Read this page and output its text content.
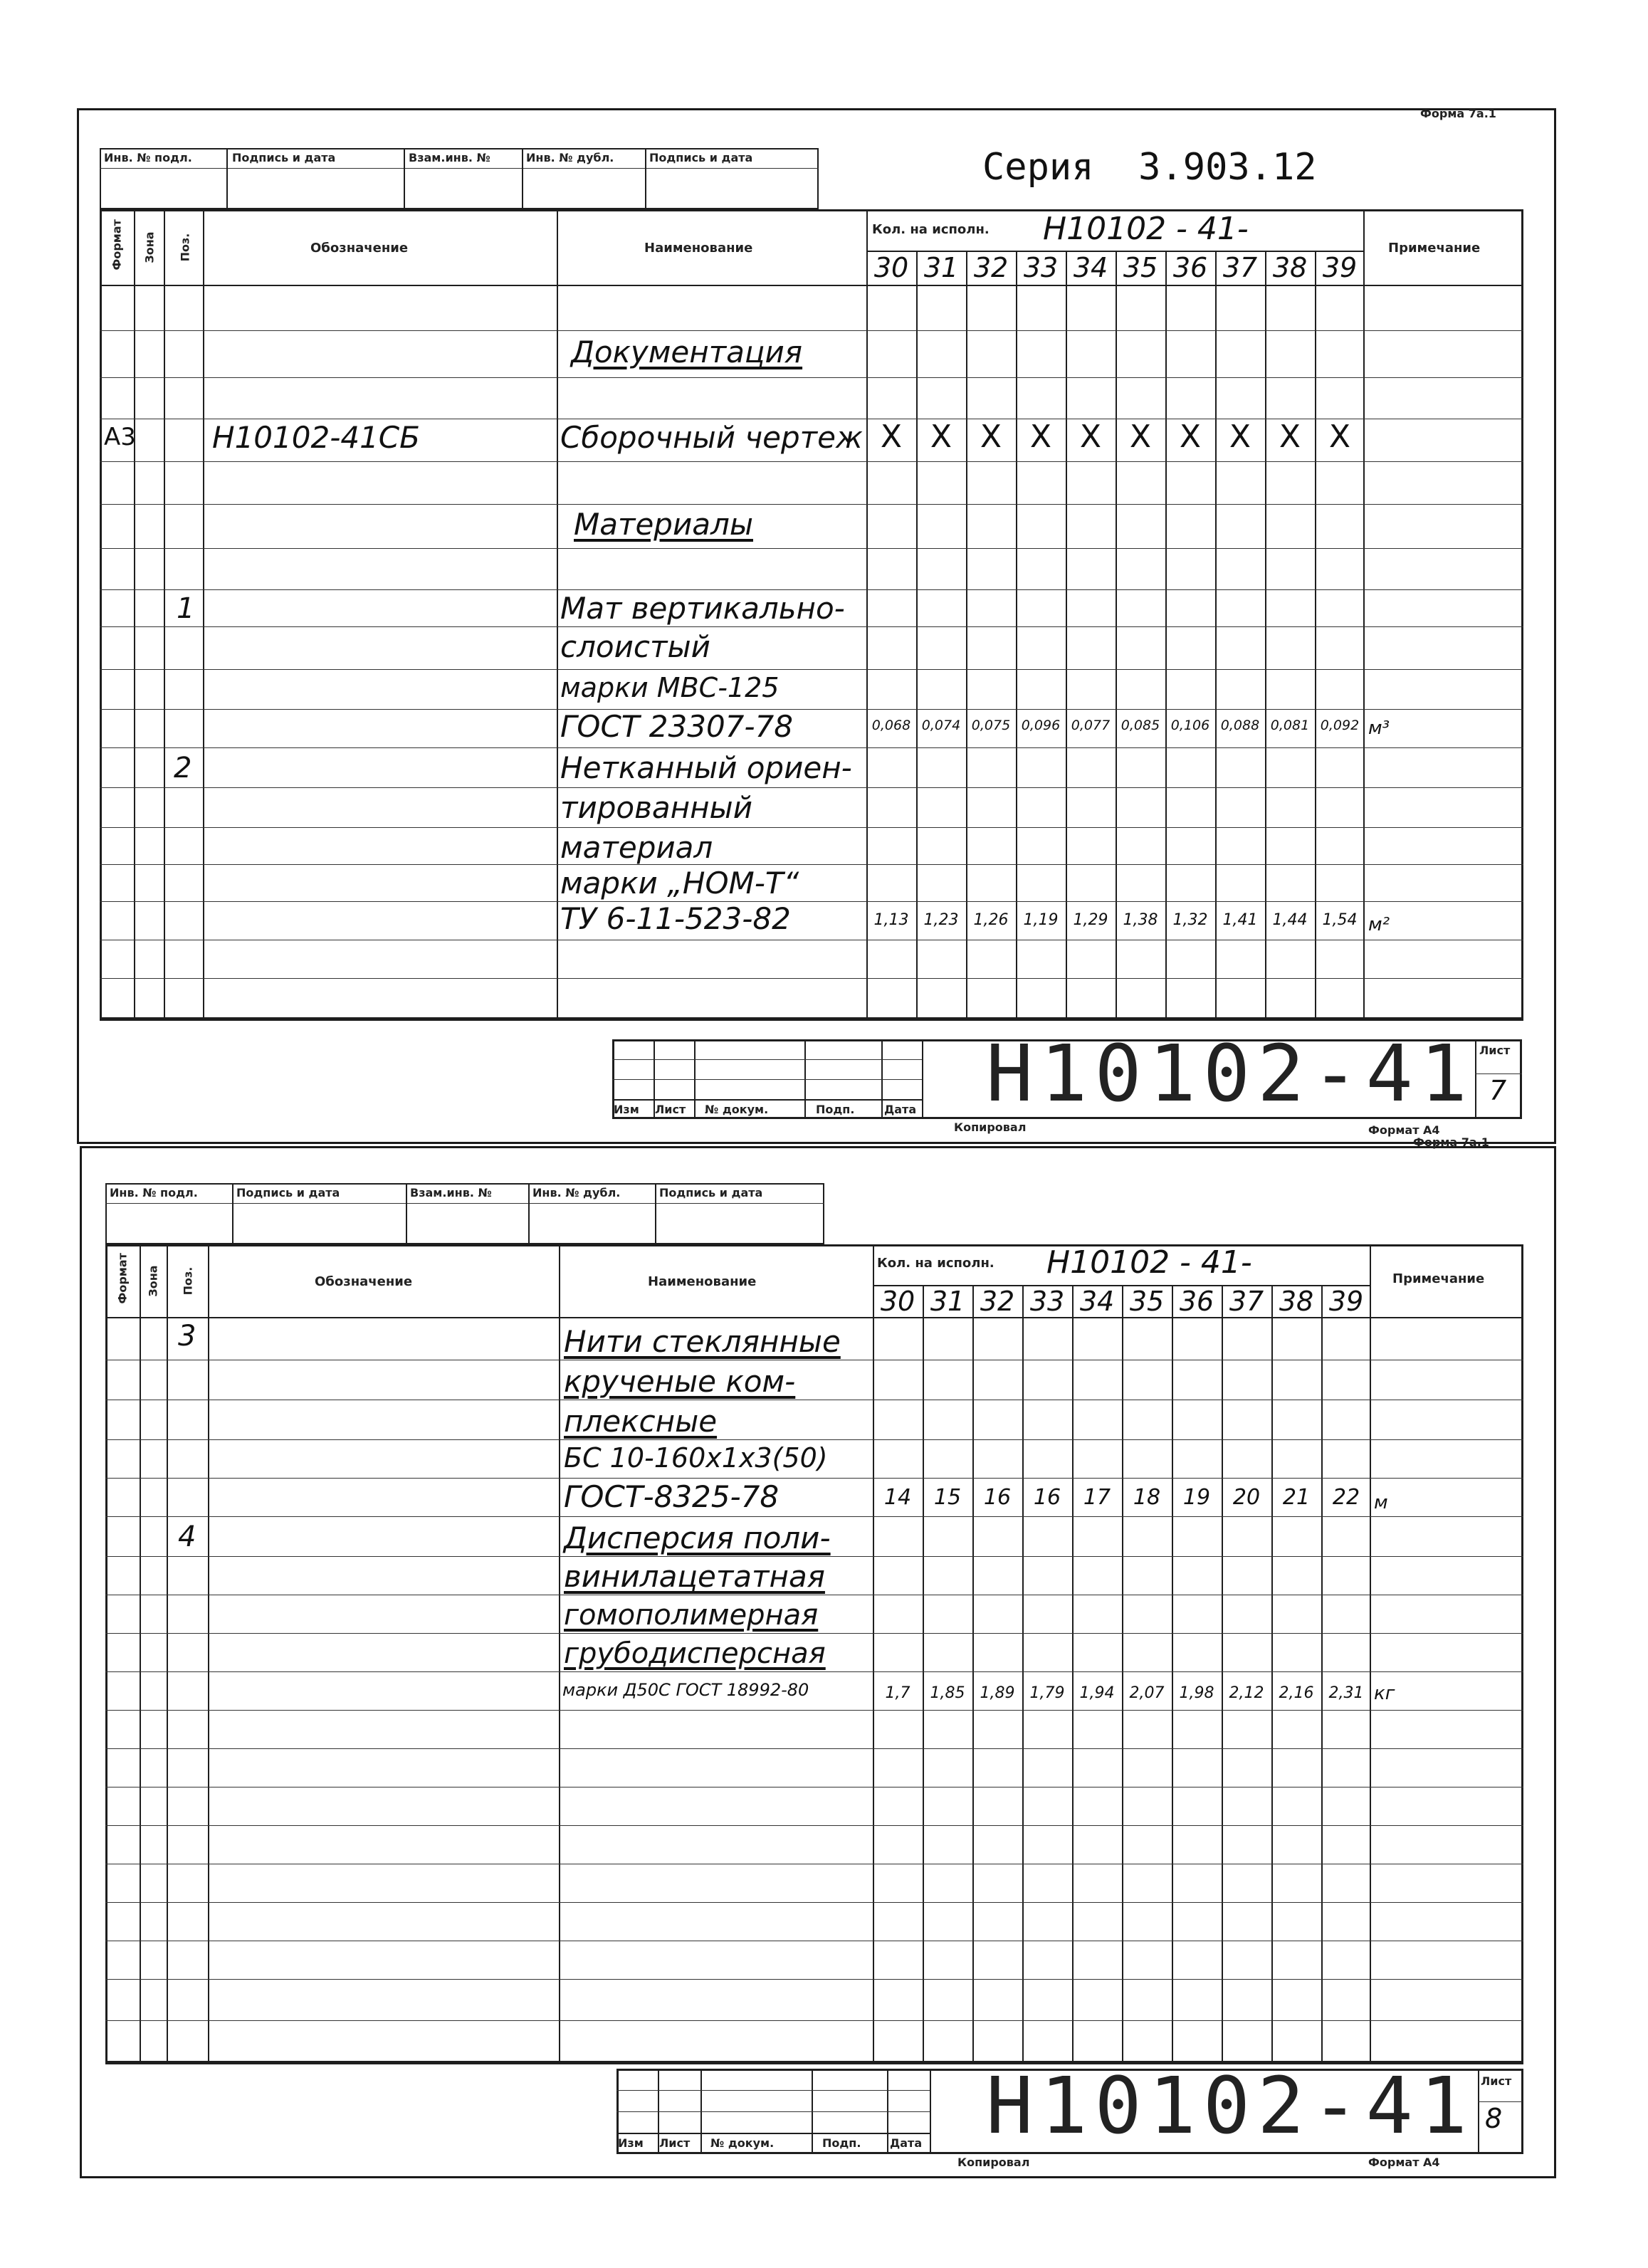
Форма 7а.1
Инв. № подл.	Подпись и дата	Взам.инв. №	Инв. № дубл.	Подпись и дата	Серия  3.903.12
Формат Зона Поз.	Обозначение	Наименование
Кол. на исполн. Н10102 - 41-
Примечание
30 31 32 33 34 35 36 37 38 39
Документация
А3	Н10102-41СБ	Сборочный чертеж X X X X X X X X X X
Материалы
1	Мат вертикально-
слоистый
марки МВС-125
ГОСТ 23307-78	0,068 0,074 0,075 0,096 0,077 0,085 0,106 0,088 0,081 0,092 м³
2	Нетканный ориен-
тированный
материал
марки „НОМ-Т“
ТУ 6-11-523-82	1,13 1,23 1,26 1,19 1,29 1,38 1,32 1,41 1,44 1,54 м²
Изм Лист № докум.	Подп.	Дата Н10102-41 Лист
7
Копировал	Формат А4
Форма 7а.1
Инв. № подл.	Подпись и дата	Взам.инв. №	Инв. № дубл.	Подпись и дата
Формат Зона Поз.	Обозначение	Наименование
Кол. на исполн. Н10102 - 41-	Примечание
30 31 32 33 34 35 36 37 38 39
3	Нити стеклянные
крученые ком-
плексные
БС 10-160х1х3(50)
ГОСТ-8325-78	14	15	16	16	17	18	19	20	21	22 м
4	Дисперсия поли-
винилацетатная
гомополимерная
грубодисперсная
марки Д50С ГОСТ 18992-80	1,7	1,85 1,89 1,79 1,94 2,07 1,98 2,12 2,16 2,31 кг
Изм Лист № докум.	Подп.	Дата Н10102-41 Лист
8
Копировал	Формат А4
